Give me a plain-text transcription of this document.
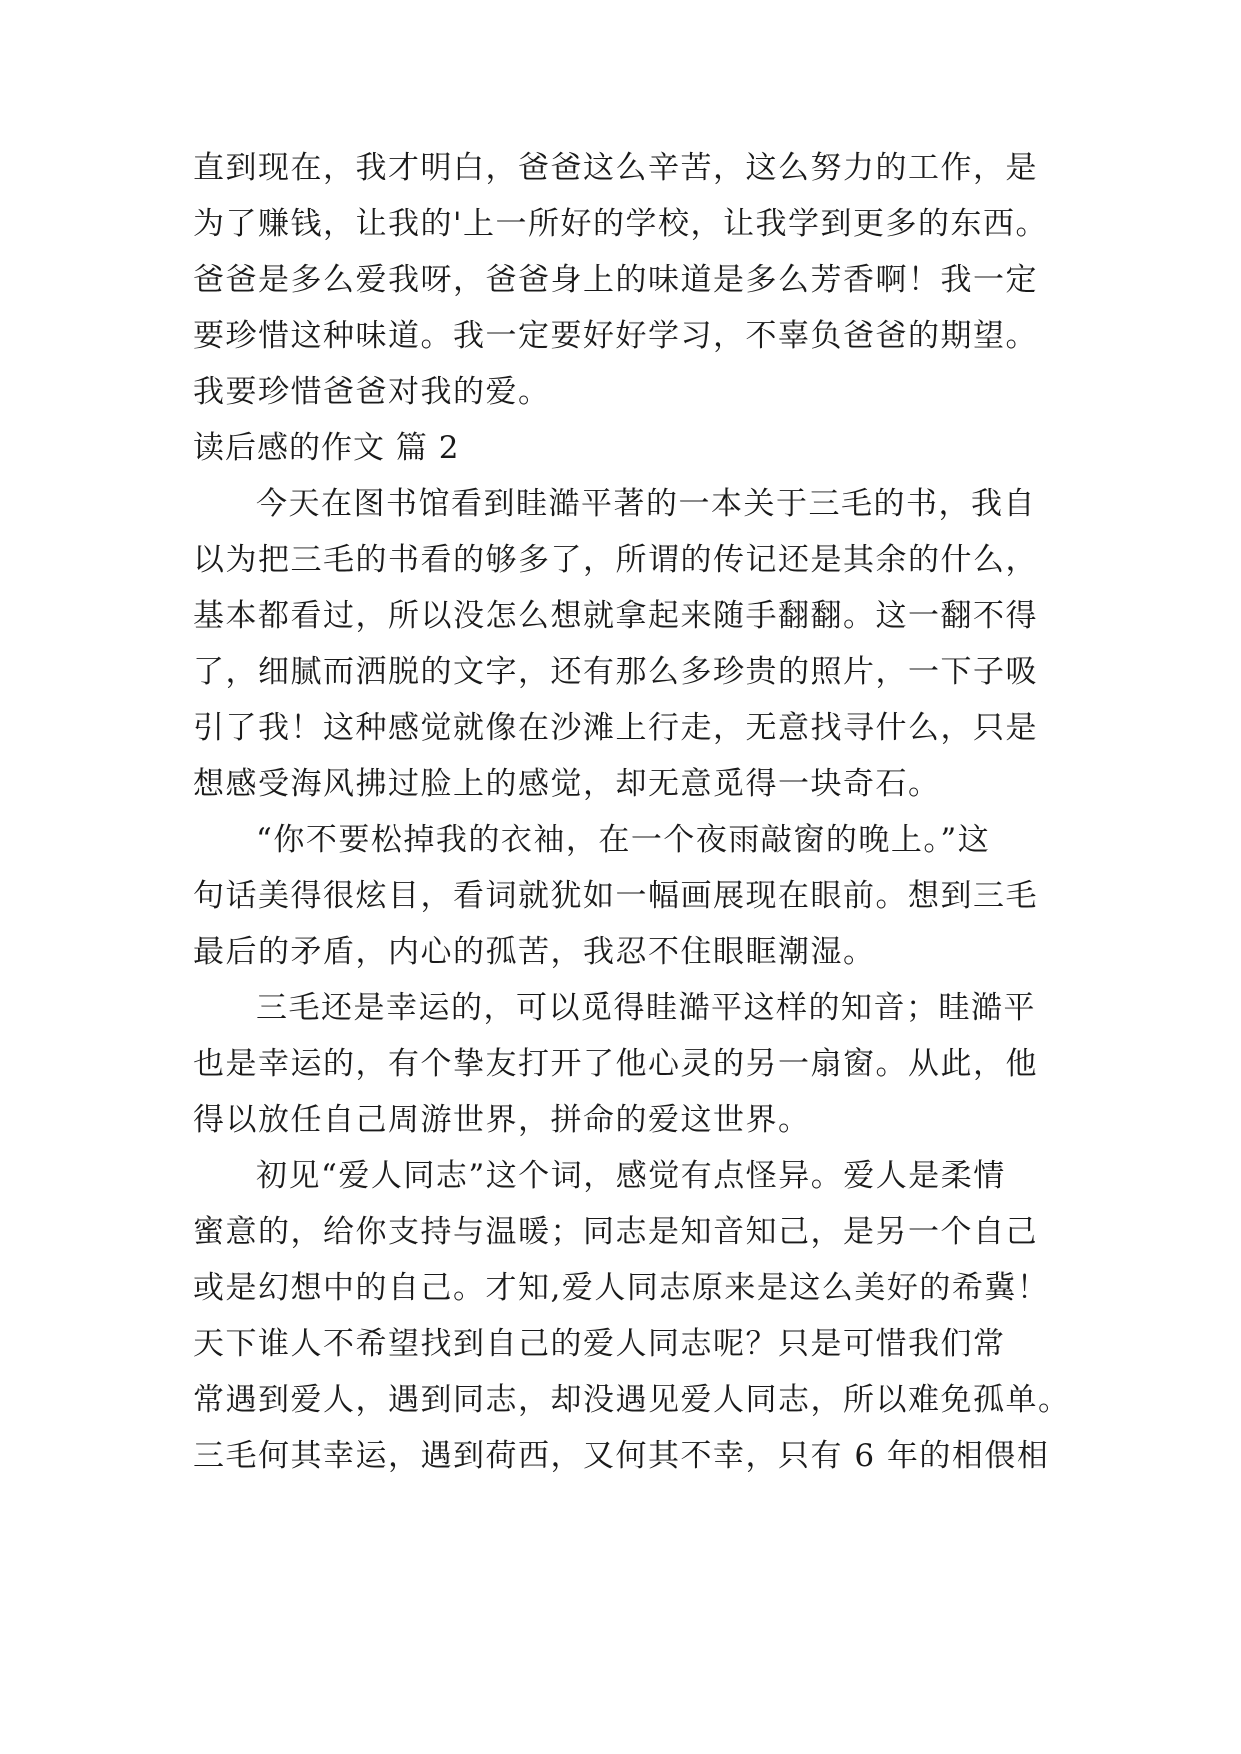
直到现在，我才明白，爸爸这么辛苦，这么努力的工作，是
为了赚钱，让我的'上一所好的学校，让我学到更多的东西。
爸爸是多么爱我呀，爸爸身上的味道是多么芳香啊！我一定
要珍惜这种味道。我一定要好好学习，不辜负爸爸的期望。
我要珍惜爸爸对我的爱。
读后感的作文 篇 2
今天在图书馆看到眭澔平著的一本关于三毛的书，我自
以为把三毛的书看的够多了，所谓的传记还是其余的什么，
基本都看过，所以没怎么想就拿起来随手翻翻。这一翻不得
了，细腻而洒脱的文字，还有那么多珍贵的照片，一下子吸
引了我！这种感觉就像在沙滩上行走，无意找寻什么，只是
想感受海风拂过脸上的感觉，却无意觅得一块奇石。
“你不要松掉我的衣袖，在一个夜雨敲窗的晚上。”这
句话美得很炫目，看词就犹如一幅画展现在眼前。想到三毛
最后的矛盾，内心的孤苦，我忍不住眼眶潮湿。
三毛还是幸运的，可以觅得眭澔平这样的知音；眭澔平
也是幸运的，有个挚友打开了他心灵的另一扇窗。从此，他
得以放任自己周游世界，拼命的爱这世界。
初见“爱人同志”这个词，感觉有点怪异。爱人是柔情
蜜意的，给你支持与温暖；同志是知音知己，是另一个自己
或是幻想中的自己。才知,爱人同志原来是这么美好的希冀！
天下谁人不希望找到自己的爱人同志呢？只是可惜我们常
常遇到爱人，遇到同志，却没遇见爱人同志，所以难免孤单。
三毛何其幸运，遇到荷西，又何其不幸，只有 6 年的相偎相
